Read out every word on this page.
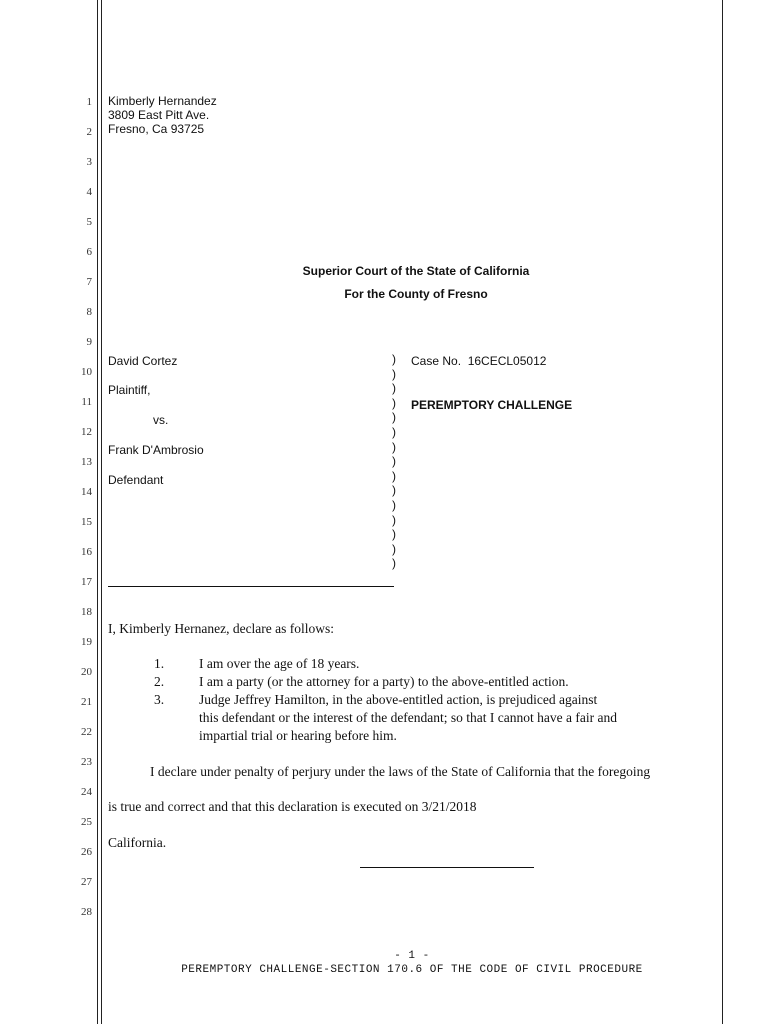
1
2
3
4
5
6
7
8
9
10
11
12
13
14
15
16
17
18
19
20
21
22
23
24
25
26
27
28
Kimberly Hernandez
3809 East Pitt Ave.
Fresno, Ca 93725
Superior Court of the State of California
For the County of Fresno
David Cortez
Plaintiff,
vs.
Frank D'Ambrosio
Defendant
)
)
)
)
)
)
)
)
)
)
)
)
)
)
)
Case No. 16CECL05012
PEREMPTORY CHALLENGE
I, Kimberly Hernanez, declare as follows:
1.	I am over the age of 18 years.
2.	I am a party (or the attorney for a party) to the above-entitled action.
3.	Judge Jeffrey Hamilton, in the above-entitled action, is prejudiced against
this defendant or the interest of the defendant; so that I cannot have a fair and
impartial trial or hearing before him.
I declare under penalty of perjury under the laws of the State of California that the foregoing
is true and correct and that this declaration is executed on 3/21/2018
California.
- 1 -
PEREMPTORY CHALLENGE-SECTION 170.6 OF THE CODE OF CIVIL PROCEDURE
